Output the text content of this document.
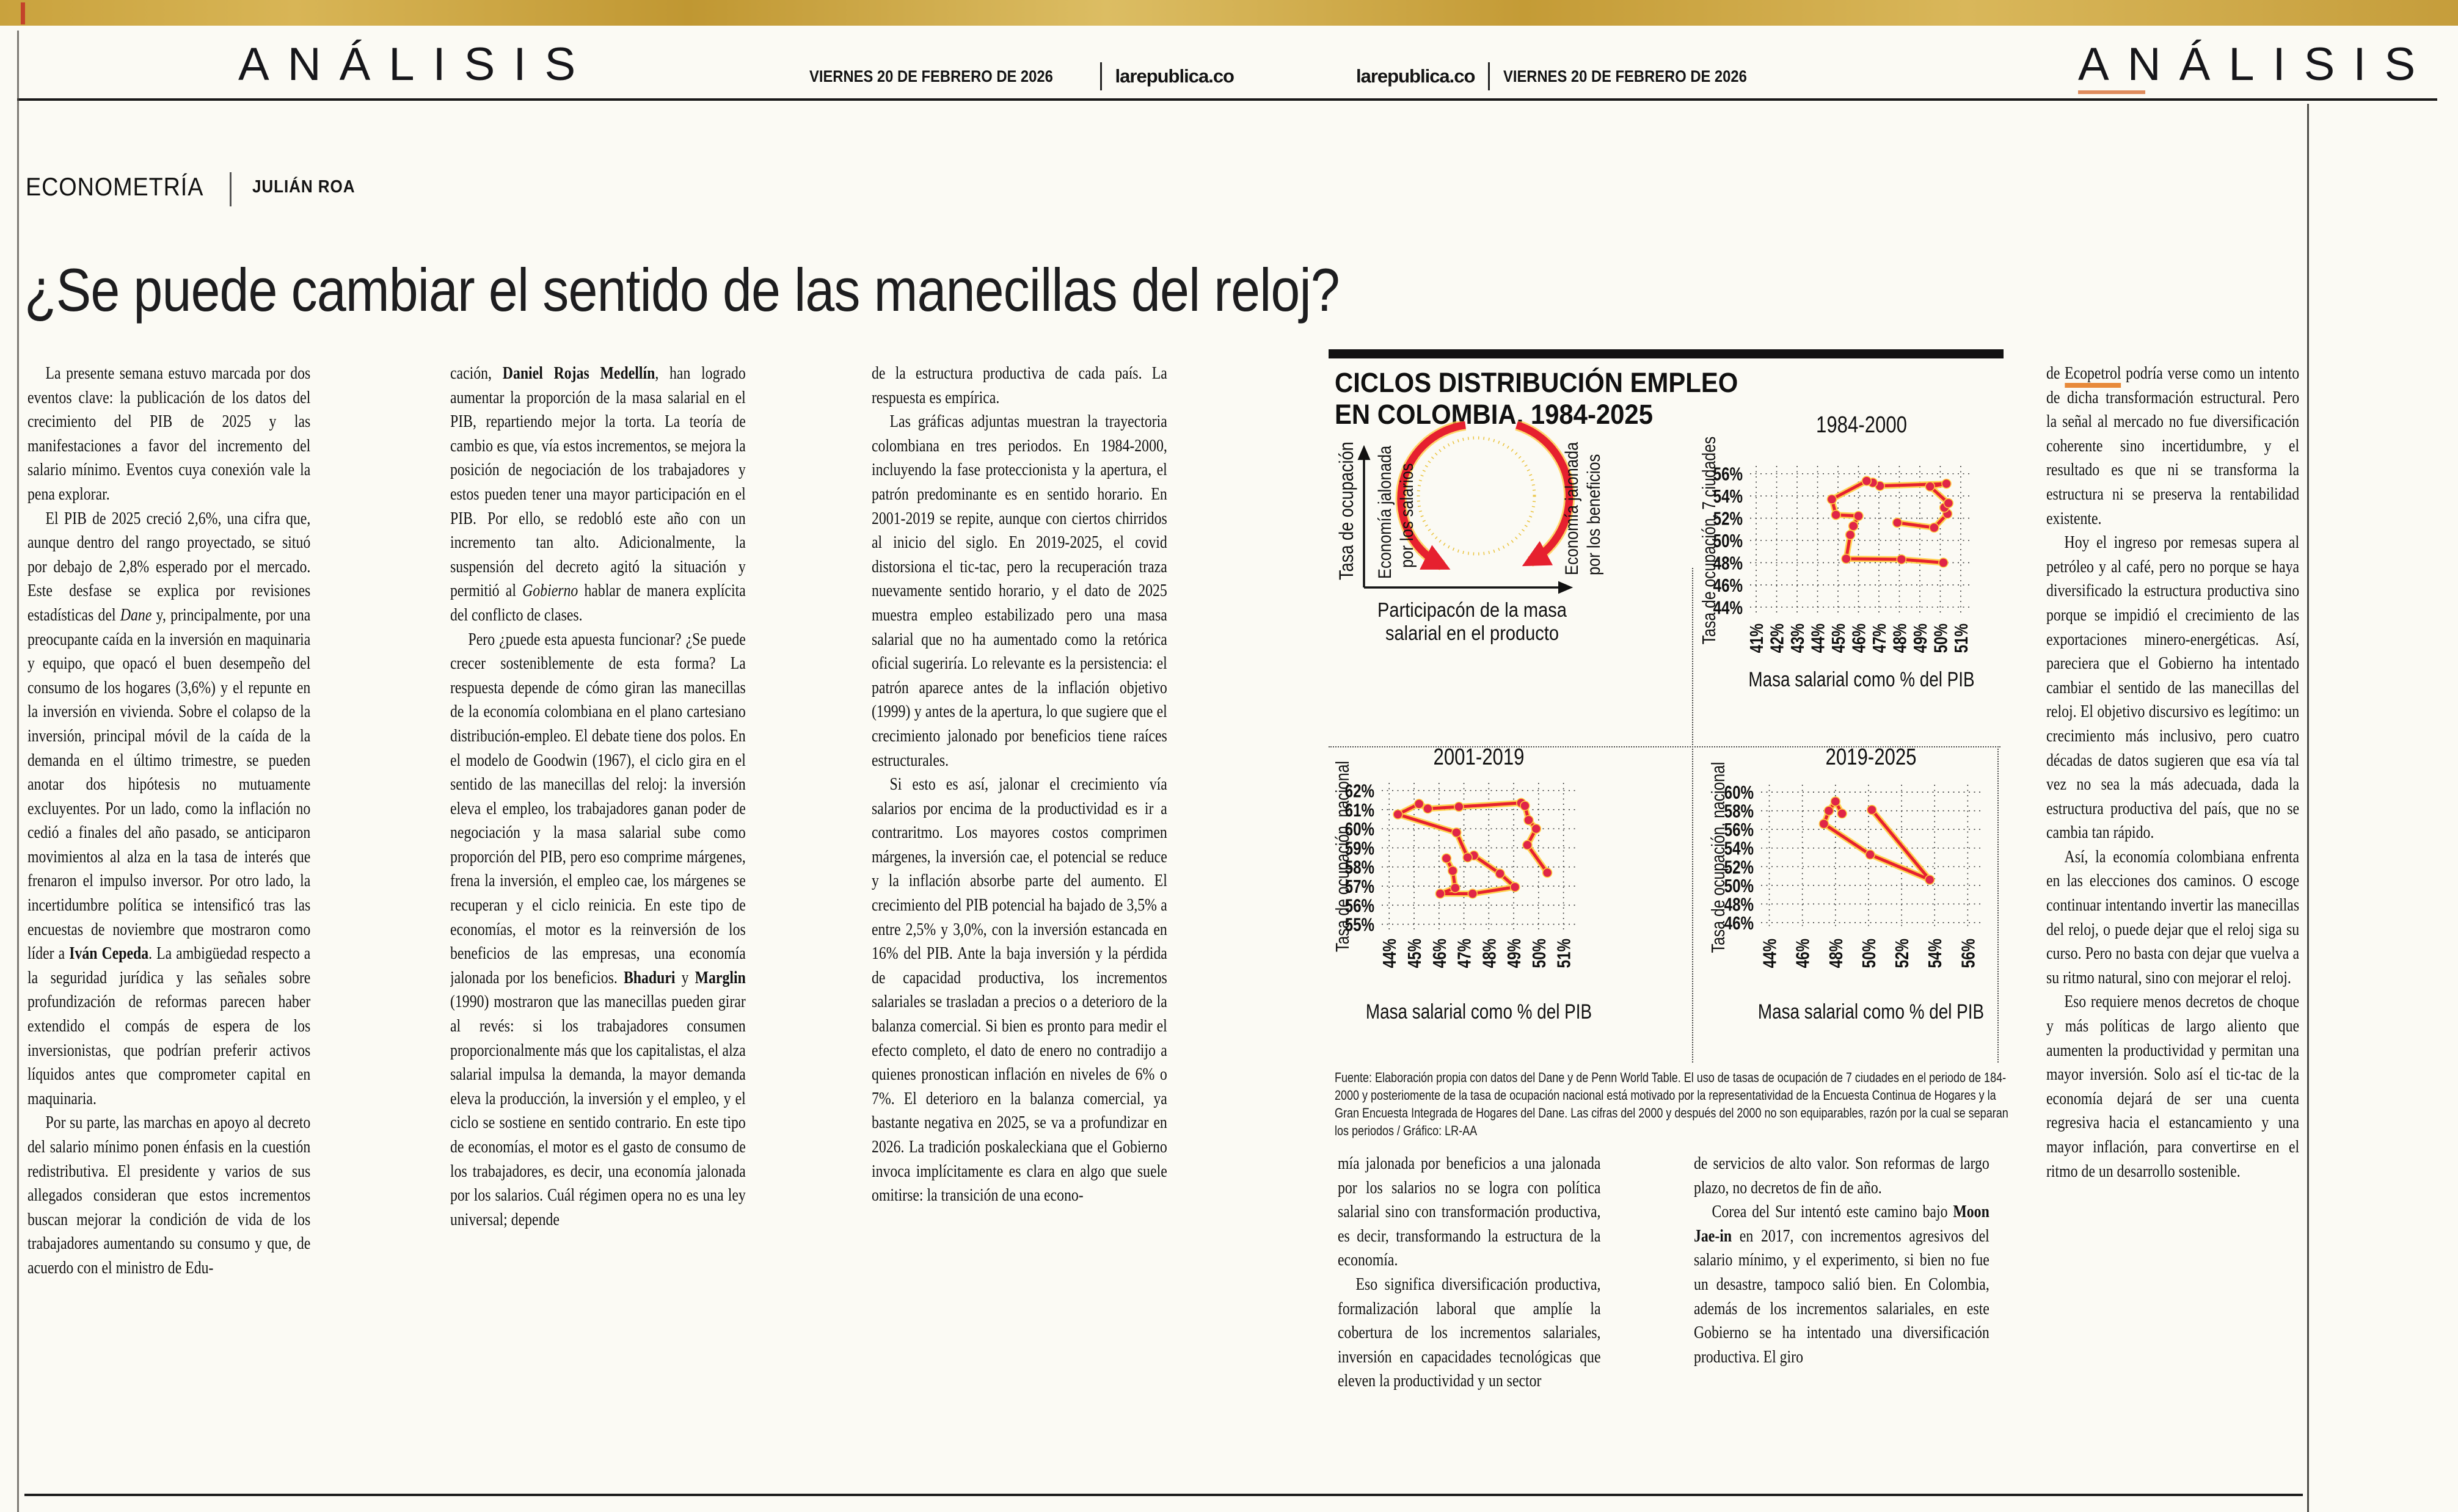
ANÁLISIS	VIERNES 20 DE FEBRERO DE 2026	larepublica.co	larepublica.co VIERNES 20 DE FEBRERO DE 2026	ANÁLISIS
ECONOMETRÍA	JULIÁN ROA
¿Se puede cambiar el sentido de las manecillas del reloj?

La presente semana estuvo marcada por dos eventos clave: la publicación de los datos del crecimiento del PIB de 2025 y las manifestaciones a favor del incremento del salario mínimo. Eventos cuya conexión vale la pena explorar.

El PIB de 2025 creció 2,6%, una cifra que, aunque dentro del rango proyectado, se situó por debajo de 2,8% esperado por el mercado. Este desfase se explica por revisiones estadísticas del Dane y, principalmente, por una preocupante caída en la inversión en maquinaria y equipo, que opacó el buen desempeño del consumo de los hogares (3,6%) y el repunte en la inversión en vivienda. Sobre el colapso de la inversión, principal móvil de la caída de la demanda en el último trimestre, se pueden anotar dos hipótesis no mutuamente excluyentes. Por un lado, como la inflación no cedió a finales del año pasado, se anticiparon movimientos al alza en la tasa de interés que frenaron el impulso inversor. Por otro lado, la incertidumbre política se intensificó tras las encuestas de noviembre que mostraron como líder a Iván Cepeda. La ambigüedad respecto a la seguridad jurídica y las señales sobre profundización de reformas parecen haber extendido el compás de espera de los inversionistas, que podrían preferir activos líquidos antes que comprometer capital en maquinaria.

Por su parte, las marchas en apoyo al decreto del salario mínimo ponen énfasis en la cuestión redistributiva. El presidente y varios de sus allegados consideran que estos incrementos buscan mejorar la condición de vida de los trabajadores aumentando su consumo y que, de acuerdo con el ministro de Edu-

cación, Daniel Rojas Medellín, han logrado aumentar la proporción de la masa salarial en el PIB, repartiendo mejor la torta. La teoría de cambio es que, vía estos incrementos, se mejora la posición de negociación de los trabajadores y estos pueden tener una mayor participación en el PIB. Por ello, se redobló este año con un incremento tan alto. Adicionalmente, la suspensión del decreto agitó la situación y permitió al Gobierno hablar de manera explícita del conflicto de clases.

Pero ¿puede esta apuesta funcionar? ¿Se puede crecer sosteniblemente de esta forma? La respuesta depende de cómo giran las manecillas de la economía colombiana en el plano cartesiano distribución-empleo. El debate tiene dos polos. En el modelo de Goodwin (1967), el ciclo gira en el sentido de las manecillas del reloj: la inversión eleva el empleo, los trabajadores ganan poder de negociación y la masa salarial sube como proporción del PIB, pero eso comprime márgenes, frena la inversión, el empleo cae, los márgenes se recuperan y el ciclo reinicia. En este tipo de economías, el motor es la reinversión de los beneficios de las empresas, una economía jalonada por los beneficios. Bhaduri y Marglin (1990) mostraron que las manecillas pueden girar al revés: si los trabajadores consumen proporcionalmente más que los capitalistas, el alza salarial impulsa la demanda, la mayor demanda eleva la producción, la inversión y el empleo, y el ciclo se sostiene en sentido contrario. En este tipo de economías, el motor es el gasto de consumo de los trabajadores, es decir, una economía jalonada por los salarios. Cuál régimen opera no es una ley universal; depende

de la estructura productiva de cada país. La respuesta es empírica.

Las gráficas adjuntas muestran la trayectoria colombiana en tres periodos. En 1984-2000, incluyendo la fase proteccionista y la apertura, el patrón predominante es en sentido horario. En 2001-2019 se repite, aunque con ciertos chirridos al inicio del siglo. En 2019-2025, el covid distorsiona el tic-tac, pero la recuperación traza nuevamente sentido horario, y el dato de 2025 muestra empleo estabilizado pero una masa salarial que no ha aumentado como la retórica oficial sugeriría. Lo relevante es la persistencia: el patrón aparece antes de la inflación objetivo (1999) y antes de la apertura, lo que sugiere que el crecimiento jalonado por beneficios tiene raíces estructurales.

Si esto es así, jalonar el crecimiento vía salarios por encima de la productividad es ir a contraritmo. Los mayores costos comprimen márgenes, la inversión cae, el potencial se reduce y la inflación absorbe parte del aumento. El crecimiento del PIB potencial ha bajado de 3,5% a entre 2,5% y 3,0%, con la inversión estancada en 16% del PIB. Ante la baja inversión y la pérdida de capacidad productiva, los incrementos salariales se trasladan a precios o a deterioro de la balanza comercial. Si bien es pronto para medir el efecto completo, el dato de enero no contradijo a quienes pronostican inflación en niveles de 6% o 7%. El deterioro en la balanza comercial, ya bastante negativa en 2025, se va a profundizar en 2026. La tradición poskaleckiana que el Gobierno invoca implícitamente es clara en algo que suele omitirse: la transición de una econo-

mía jalonada por beneficios a una jalonada por los salarios no se logra con política salarial sino con transformación productiva, es decir, transformando la estructura de la economía.

Eso significa diversificación productiva, formalización laboral que amplíe la cobertura de los incrementos salariales, inversión en capacidades tecnológicas que eleven la productividad y un sector

de servicios de alto valor. Son reformas de largo plazo, no decretos de fin de año.

Corea del Sur intentó este camino bajo Moon Jae-in en 2017, con incrementos agresivos del salario mínimo, y el experimento, si bien no fue un desastre, tampoco salió bien. En Colombia, además de los incrementos salariales, en este Gobierno se ha intentado una diversificación productiva. El giro

de Ecopetrol podría verse como un intento de dicha transformación estructural. Pero la señal al mercado no fue diversificación coherente sino incertidumbre, y el resultado es que ni se transforma la estructura ni se preserva la rentabilidad existente.

Hoy el ingreso por remesas supera al petróleo y al café, pero no porque se haya diversificado la estructura productiva sino porque se impidió el crecimiento de las exportaciones minero-energéticas. Así, pareciera que el Gobierno ha intentado cambiar el sentido de las manecillas del reloj. El objetivo discursivo es legítimo: un crecimiento más inclusivo, pero cuatro décadas de datos sugieren que esa vía tal vez no sea la más adecuada, dada la estructura productiva del país, que no se cambia tan rápido.

Así, la economía colombiana enfrenta en las elecciones dos caminos. O escoge continuar intentando invertir las manecillas del reloj, o puede dejar que el reloj siga su curso. Pero no basta con dejar que vuelva a su ritmo natural, sino con mejorar el reloj.

Eso requiere menos decretos de choque y más políticas de largo aliento que aumenten la productividad y permitan una mayor inversión. Solo así el tic-tac de la economía dejará de ser una cuenta regresiva hacia el estancamiento y una mayor inflación, para convertirse en el ritmo de un desarrollo sostenible.

CICLOS DISTRIBUCIÓN EMPLEO
EN COLOMBIA, 1984-2025
Tasa de ocupación Economía jalonada por los salarios	Economía jalonada por los beneficios
Participacón de la masa
salarial en el producto
44%
46%
48%
50%
52%
54%
56%
41%
42%
43%
44%
45%
46%
47%
48%
49%
50%
51%
1984-2000
Masa salarial como % del PIB
Tasa de ocupación, 7 ciudades
55%
56%
57%
58%
59%
60%
61%
62%
44% 45% 46% 47% 48% 49% 50% 51%
2001-2019
Masa salarial como % del PIB
Tasa de ocupación, nacional	46%
48%
50%
52%
54%
56%
58%
60%
44% 46% 48% 50% 52% 54% 56%
2019-2025
Masa salarial como % del PIB
Tasa de ocupación, nacional
Fuente: Elaboración propia con datos del Dane y de Penn World Table. El uso de tasas de ocupación de 7 ciudades en el periodo de 184-2000 y posteriomente de la tasa de ocupación nacional está motivado por la representatividad de la Encuesta Continua de Hogares y la Gran Encuesta Integrada de Hogares del Dane. Las cifras del 2000 y después del 2000 no son equiparables, razón por la cual se separan los periodos / Gráfico: LR-AA
